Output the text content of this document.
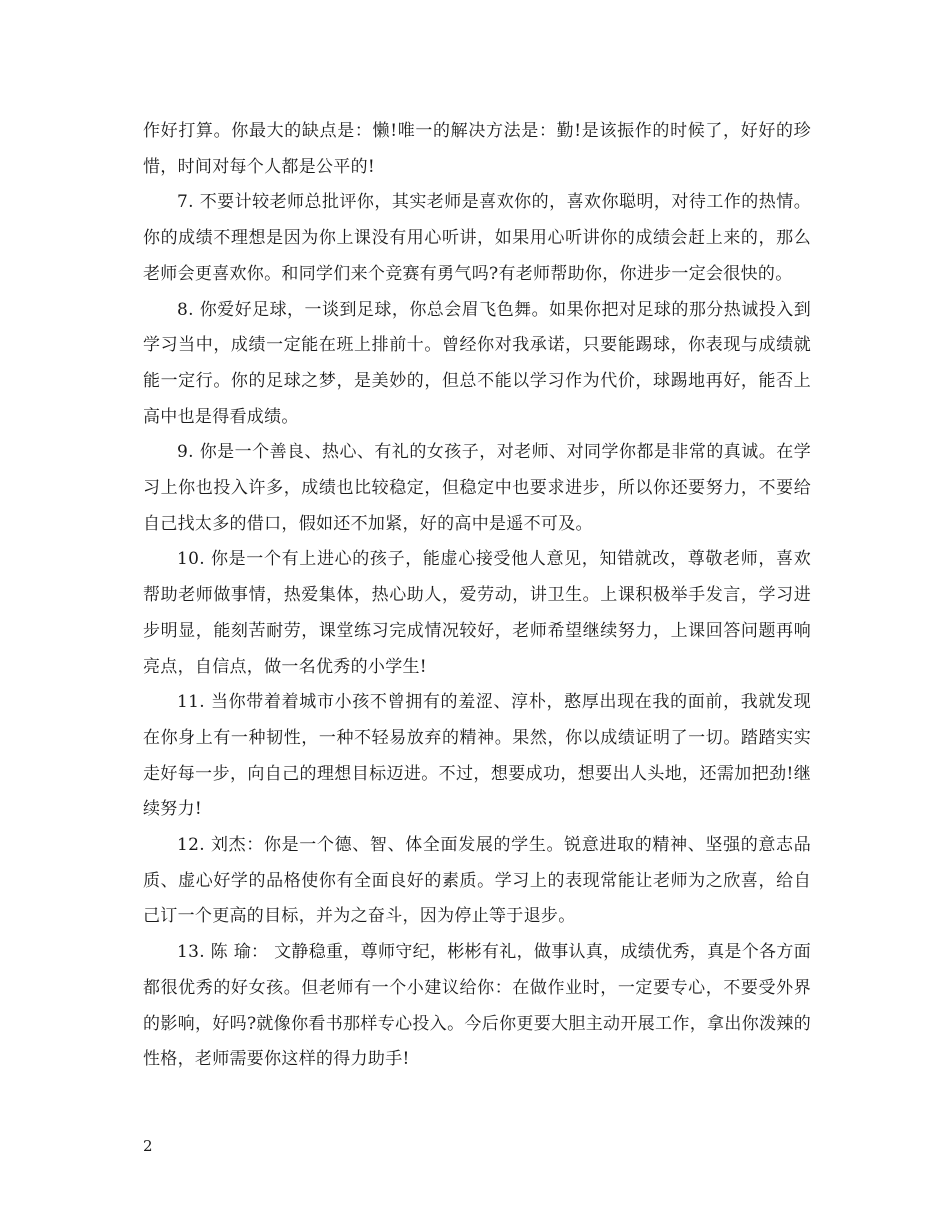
作好打算。你最大的缺点是：懒!唯一的解决方法是：勤!是该振作的时候了，好好的珍惜，时间对每个人都是公平的!

7. 不要计较老师总批评你，其实老师是喜欢你的，喜欢你聪明，对待工作的热情。你的成绩不理想是因为你上课没有用心听讲，如果用心听讲你的成绩会赶上来的，那么老师会更喜欢你。和同学们来个竞赛有勇气吗?有老师帮助你，你进步一定会很快的。

8. 你爱好足球，一谈到足球，你总会眉飞色舞。如果你把对足球的那分热诚投入到学习当中，成绩一定能在班上排前十。曾经你对我承诺，只要能踢球，你表现与成绩就能一定行。你的足球之梦，是美妙的，但总不能以学习作为代价，球踢地再好，能否上高中也是得看成绩。

9. 你是一个善良、热心、有礼的女孩子，对老师、对同学你都是非常的真诚。在学习上你也投入许多，成绩也比较稳定，但稳定中也要求进步，所以你还要努力，不要给自己找太多的借口，假如还不加紧，好的高中是遥不可及。

10. 你是一个有上进心的孩子，能虚心接受他人意见，知错就改，尊敬老师，喜欢帮助老师做事情，热爱集体，热心助人，爱劳动，讲卫生。上课积极举手发言，学习进步明显，能刻苦耐劳，课堂练习完成情况较好，老师希望继续努力，上课回答问题再响亮点，自信点，做一名优秀的小学生!

11. 当你带着着城市小孩不曾拥有的羞涩、淳朴，憨厚出现在我的面前，我就发现在你身上有一种韧性，一种不轻易放弃的精神。果然，你以成绩证明了一切。踏踏实实走好每一步，向自己的理想目标迈进。不过，想要成功，想要出人头地，还需加把劲!继续努力!

12. 刘杰：你是一个德、智、体全面发展的学生。锐意进取的精神、坚强的意志品质、虚心好学的品格使你有全面良好的素质。学习上的表现常能让老师为之欣喜，给自己订一个更高的目标，并为之奋斗，因为停止等于退步。

13. 陈 瑜： 文静稳重，尊师守纪，彬彬有礼，做事认真，成绩优秀，真是个各方面都很优秀的好女孩。但老师有一个小建议给你：在做作业时，一定要专心，不要受外界的影响，好吗?就像你看书那样专心投入。今后你更要大胆主动开展工作，拿出你泼辣的性格，老师需要你这样的得力助手!

2
